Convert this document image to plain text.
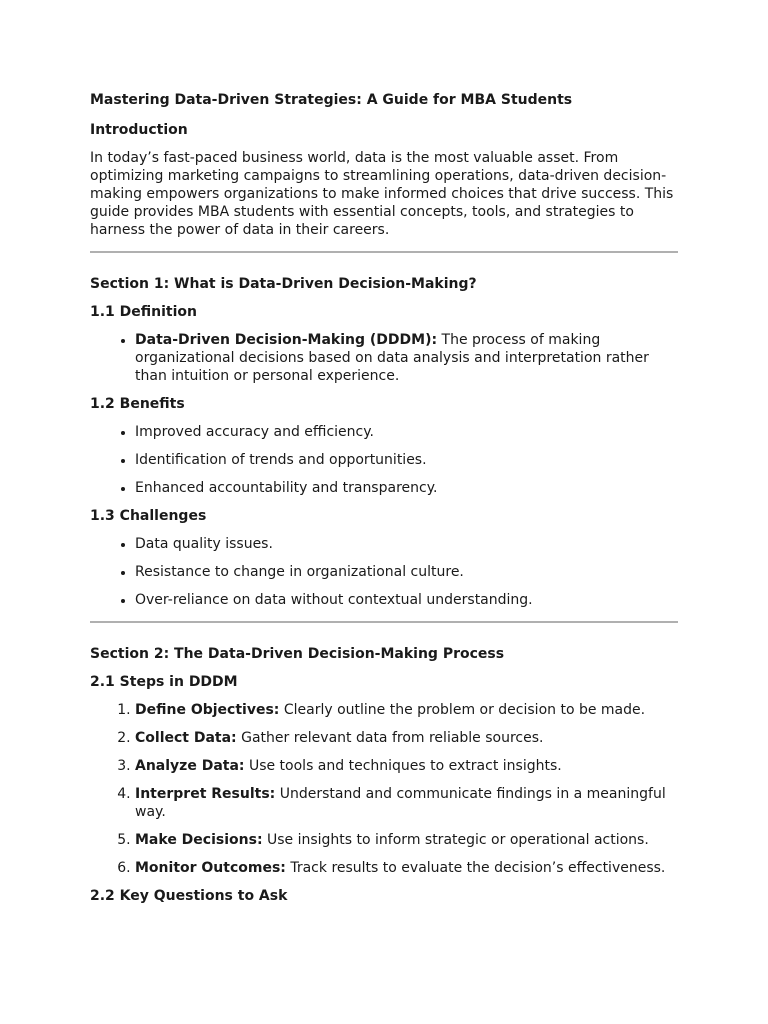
Mastering Data-Driven Strategies: A Guide for MBA Students
Introduction

In today’s fast-paced business world, data is the most valuable asset. From optimizing marketing campaigns to streamlining operations, data-driven decision-making empowers organizations to make informed choices that drive success. This guide provides MBA students with essential concepts, tools, and strategies to harness the power of data in their careers.

Section 1: What is Data-Driven Decision-Making?
1.1 Definition
• Data-Driven Decision-Making (DDDM): The process of making organizational decisions based on data analysis and interpretation rather than intuition or personal experience.
1.2 Benefits
• Improved accuracy and efficiency.
• Identification of trends and opportunities.
• Enhanced accountability and transparency.
1.3 Challenges
• Data quality issues.
• Resistance to change in organizational culture.
• Over-reliance on data without contextual understanding.
Section 2: The Data-Driven Decision-Making Process
2.1 Steps in DDDM
1. Define Objectives: Clearly outline the problem or decision to be made.
2. Collect Data: Gather relevant data from reliable sources.
3. Analyze Data: Use tools and techniques to extract insights.
4. Interpret Results: Understand and communicate findings in a meaningful way.
5. Make Decisions: Use insights to inform strategic or operational actions.
6. Monitor Outcomes: Track results to evaluate the decision’s effectiveness.
2.2 Key Questions to Ask
